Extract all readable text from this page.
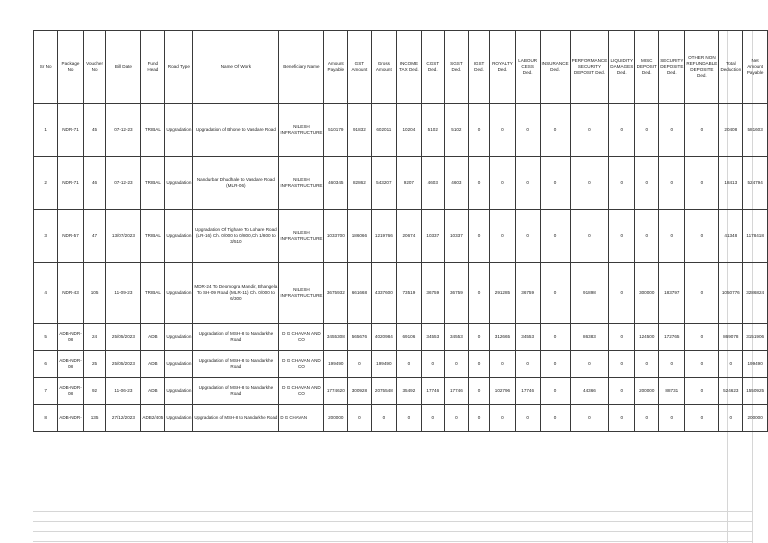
Sr No	Package No	Voucher No	Bill Date	Fund Head	Road Type	Name Of Work	Beneficiary Name	Amount Payable	GST Amount	Gross Amount	INCOME TAX Ded.	CGST Ded.	SGST Ded.	IGST Ded.	ROYALTY Ded.	LABOUR CESS Ded.	INSURANCE Ded.	PERFORMANCE SECURITY DEPOSIT Ded.	LIQUIDITY DAMAGES Ded.	MISC DEPOSIT Ded.	SECURITY DEPOSITE Ded.	OTHER NON REFUNDABLE DEPOSITE Ded.	Total Deduction	Net Amount Payable
1	NDR-71	45	07-12-23	TRIBAL	Upgradation	Upgradation of Bhone to Vasdare Road	NILESH INFRASTRUCTURE	510179	91832	602011	10204	5102	5102	0	0	0	0	0	0	0	0	0	20408	581603
2	NDR-71	46	07-12-23	TRIBAL	Upgradation	Nandurbar Dhudhale to Vasdare Road (MLR-06)	NILESH INFRASTRUCTURE	460345	82862	543207	9207	4603	4603	0	0	0	0	0	0	0	0	0	18413	524794
3	NDR-57	47	13/07/2023	TRIBAL	Upgradation	Upgradation Of Tighare To Lohare Road (LR-16) Ch. 0/000 to 0/800,Ch 1/800 to 3/510	NILESH INFRASTRUCTURE	1033700	186066	1219766	20674	10337	10337	0	0	0	0	0	0	0	0	0	41348	1178418
4	NDR-43	105	11-09-23	TRIBAL	Upgradation	MDR-24 To Deomogra Mandir, Bhangela To SH-09 Road (MLR-11) Ch. 0/000 to 6/300	NILESH INFRASTRUCTURE	3675932	661668	4337600	73519	36759	36759	0	291285	36759	0	91898	0	300000	183797	0	1050776	3286824
5	ADB-NDR-08	24	25/05/2023	ADB	Upgradation	Upgradation of MSH-8 to Nandarkhe Road	D G CHAVAN AND CO	3455308	565676	4020984	69106	34553	34553	0	312665	34553	0	86383	0	124500	172765	0	869078	3151906
6	ADB-NDR-08	25	25/05/2023	ADB	Upgradation	Upgradation of MSH-8 to Nandarkhe Road	D G CHAVAN AND CO	199490	0	199490	0	0	0	0	0	0	0	0	0	0	0	0	0	199490
7	ADB-NDR-08	92	11-06-23	ADB	Upgradation	Upgradation of MSH-8 to Nandarkhe Road	D G CHAVAN AND CO	1774620	300928	2075548	35492	17746	17746	0	102796	17746	0	44366	0	200000	88731	0	524623	1550925
8	ADB-NDR-	135	27/12/2023	ADB2/405	Upgradation	Upgradation of MSH-8 to Nandarkhe Road	D G CHAVAN	200000	0	0	0	0	0	0	0	0	0	0	0	0	0	0	0	200000
